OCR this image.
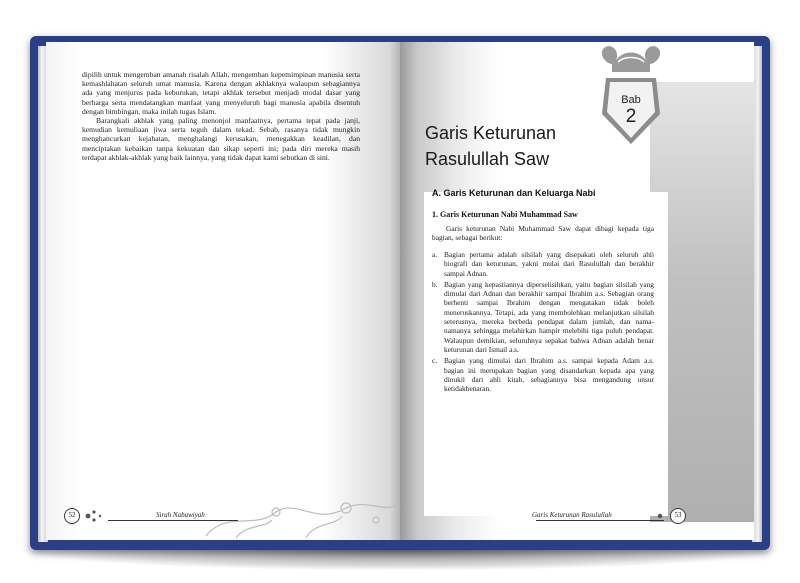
dipilih untuk mengemban amanah risalah Allah, mengemban kepemimpinan manusia serta kemashlahatan seluruh umat manusia. Karena dengan akhlaknya walaupun sebagiannya ada yang menjurus pada keburukan, tetapi akhlak tersebut menjadi modal dasar yang berharga serta mendatangkan manfaat yang menyeluruh bagi manusia apabila disentuh dengan bimbingan, maka inilah tugas Islam.

Barangkali akhlak yang paling menonjol manfaatnya, pertama tepat pada janji, kemudian kemuliaan jiwa serta teguh dalam tekad. Sebab, rasanya tidak mungkin menghancurkan kejahatan, menghalangi kerusakan, menegakkan keadilan, dan menciptakan kebaikan tanpa kekuatan dan sikap seperti ini; pada diri mereka masih terdapat akhlak-akhlak yang baik lainnya, yang tidak dapat kami sebutkan di sini.

52	Sirah Nabawiyah
Bab
2
Garis Keturunan
Rasulullah Saw
A. Garis Keturunan dan Keluarga Nabi
1. Garis Keturunan Nabi Muhammad Saw

Garis keturunan Nabi Muhammad Saw dapat dibagi kepada tiga bagian, sebagai berikut:

a. Bagian pertama adalah silsilah yang disepakati oleh seluruh ahli biografi dan keturunan, yakni mulai dari Rasulullah dan berakhir sampai Adnan.
b. Bagian yang kepastiannya diperselisihkan, yaitu bagian silsilah yang dimulai dari Adnan dan berakhir sampai Ibrahim a.s. Sebagian orang berhenti sampai Ibrahim dengan mengatakan tidak boleh meneruskannya. Tetapi, ada yang membolehkan melanjutkan silsilah seterusnya, mereka berbeda pendapat dalam jumlah, dan nama-namanya sehingga melahirkan hampir melebihi tiga puluh pendapat. Walaupun demikian, seluruhnya sepakat bahwa Adnan adalah benar keturunan dari Ismail a.s.
c. Bagian yang dimulai dari Ibrahim a.s. sampai kepada Adam a.s. bagian ini merupakan bagian yang disandarkan kepada apa yang dinukil dari ahli kitab, sebagiannya bisa mengandung unsur ketidakbenaran.
Garis Keturunan Rasulullah	53
